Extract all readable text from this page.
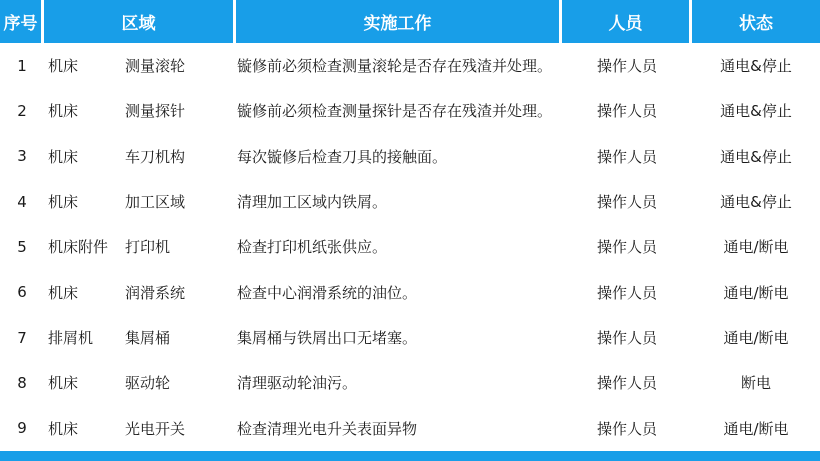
序号	区域	实施工作	人员	状态
1	机床	测量滚轮	镟修前必须检查测量滚轮是否存在残渣并处理。	操作人员	通电&停止
2	机床	测量探针	镟修前必须检查测量探针是否存在残渣并处理。	操作人员	通电&停止
3	机床	车刀机构	每次镟修后检查刀具的接触面。	操作人员	通电&停止
4	机床	加工区域	清理加工区域内铁屑。	操作人员	通电&停止
5	机床附件	打印机	检查打印机纸张供应。	操作人员	通电/断电
6	机床	润滑系统	检查中心润滑系统的油位。	操作人员	通电/断电
7	排屑机	集屑桶	集屑桶与铁屑出口无堵塞。	操作人员	通电/断电
8	机床	驱动轮	清理驱动轮油污。	操作人员	断电
9	机床	光电开关	检查清理光电升关表面异物	操作人员	通电/断电
